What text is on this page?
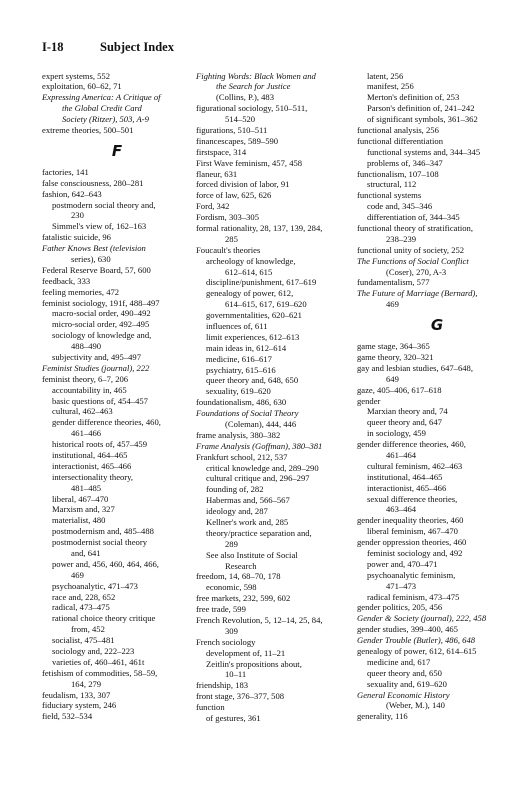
I-18	Subject Index
expert systems, 552
exploitation, 60–62, 71
Expressing America: A Critique of
the Global Credit Card
Society (Ritzer), 503, A-9
extreme theories, 500–501
F
factories, 141
false consciousness, 280–281
fashion, 642–643
postmodern social theory and,
230
Simmel's view of, 162–163
fatalistic suicide, 96
Father Knows Best (television
series), 630
Federal Reserve Board, 57, 600
feedback, 333
feeling memories, 472
feminist sociology, 191f, 488–497
macro-social order, 490–492
micro-social order, 492–495
sociology of knowledge and,
488–490
subjectivity and, 495–497
Feminist Studies (journal), 222
feminist theory, 6–7, 206
accountability in, 465
basic questions of, 454–457
cultural, 462–463
gender difference theories, 460,
461–466
historical roots of, 457–459
institutional, 464–465
interactionist, 465–466
intersectionality theory,
481–485
liberal, 467–470
Marxism and, 327
materialist, 480
postmodernism and, 485–488
postmodernist social theory
and, 641
power and, 456, 460, 464, 466,
469
psychoanalytic, 471–473
race and, 228, 652
radical, 473–475
rational choice theory critique
from, 452
socialist, 475–481
sociology and, 222–223
varieties of, 460–461, 461t
fetishism of commodities, 58–59,
164, 279
feudalism, 133, 307
fiduciary system, 246
field, 532–534
Fighting Words: Black Women and
the Search for Justice
(Collins, P.), 483
figurational sociology, 510–511,
514–520
figurations, 510–511
financescapes, 589–590
firstspace, 314
First Wave feminism, 457, 458
flaneur, 631
forced division of labor, 91
force of law, 625, 626
Ford, 342
Fordism, 303–305
formal rationality, 28, 137, 139, 284,
285
Foucault's theories
archeology of knowledge,
612–614, 615
discipline/punishment, 617–619
genealogy of power, 612,
614–615, 617, 619–620
governmentalities, 620–621
influences of, 611
limit experiences, 612–613
main ideas in, 612–614
medicine, 616–617
psychiatry, 615–616
queer theory and, 648, 650
sexuality, 619–620
foundationalism, 486, 630
Foundations of Social Theory
(Coleman), 444, 446
frame analysis, 380–382
Frame Analysis (Goffman), 380–381
Frankfurt school, 212, 537
critical knowledge and, 289–290
cultural critique and, 296–297
founding of, 282
Habermas and, 566–567
ideology and, 287
Kellner's work and, 285
theory/practice separation and,
289
See also Institute of Social
Research
freedom, 14, 68–70, 178
economic, 598
free markets, 232, 599, 602
free trade, 599
French Revolution, 5, 12–14, 25, 84,
309
French sociology
development of, 11–21
Zeitlin's propositions about,
10–11
friendship, 183
front stage, 376–377, 508
function
of gestures, 361
latent, 256
manifest, 256
Merton's definition of, 253
Parson's definition of, 241–242
of significant symbols, 361–362
functional analysis, 256
functional differentiation
functional systems and, 344–345
problems of, 346–347
functionalism, 107–108
structural, 112
functional systems
code and, 345–346
differentiation of, 344–345
functional theory of stratification,
238–239
functional unity of society, 252
The Functions of Social Conflict
(Coser), 270, A-3
fundamentalism, 577
The Future of Marriage (Bernard),
469
G
game stage, 364–365
game theory, 320–321
gay and lesbian studies, 647–648,
649
gaze, 405–406, 617–618
gender
Marxian theory and, 74
queer theory and, 647
in sociology, 459
gender difference theories, 460,
461–464
cultural feminism, 462–463
institutional, 464–465
interactionist, 465–466
sexual difference theories,
463–464
gender inequality theories, 460
liberal feminism, 467–470
gender oppression theories, 460
feminist sociology and, 492
power and, 470–471
psychoanalytic feminism,
471–473
radical feminism, 473–475
gender politics, 205, 456
Gender & Society (journal), 222, 458
gender studies, 399–400, 465
Gender Trouble (Butler), 486, 648
genealogy of power, 612, 614–615
medicine and, 617
queer theory and, 650
sexuality and, 619–620
General Economic History
(Weber, M.), 140
generality, 116
